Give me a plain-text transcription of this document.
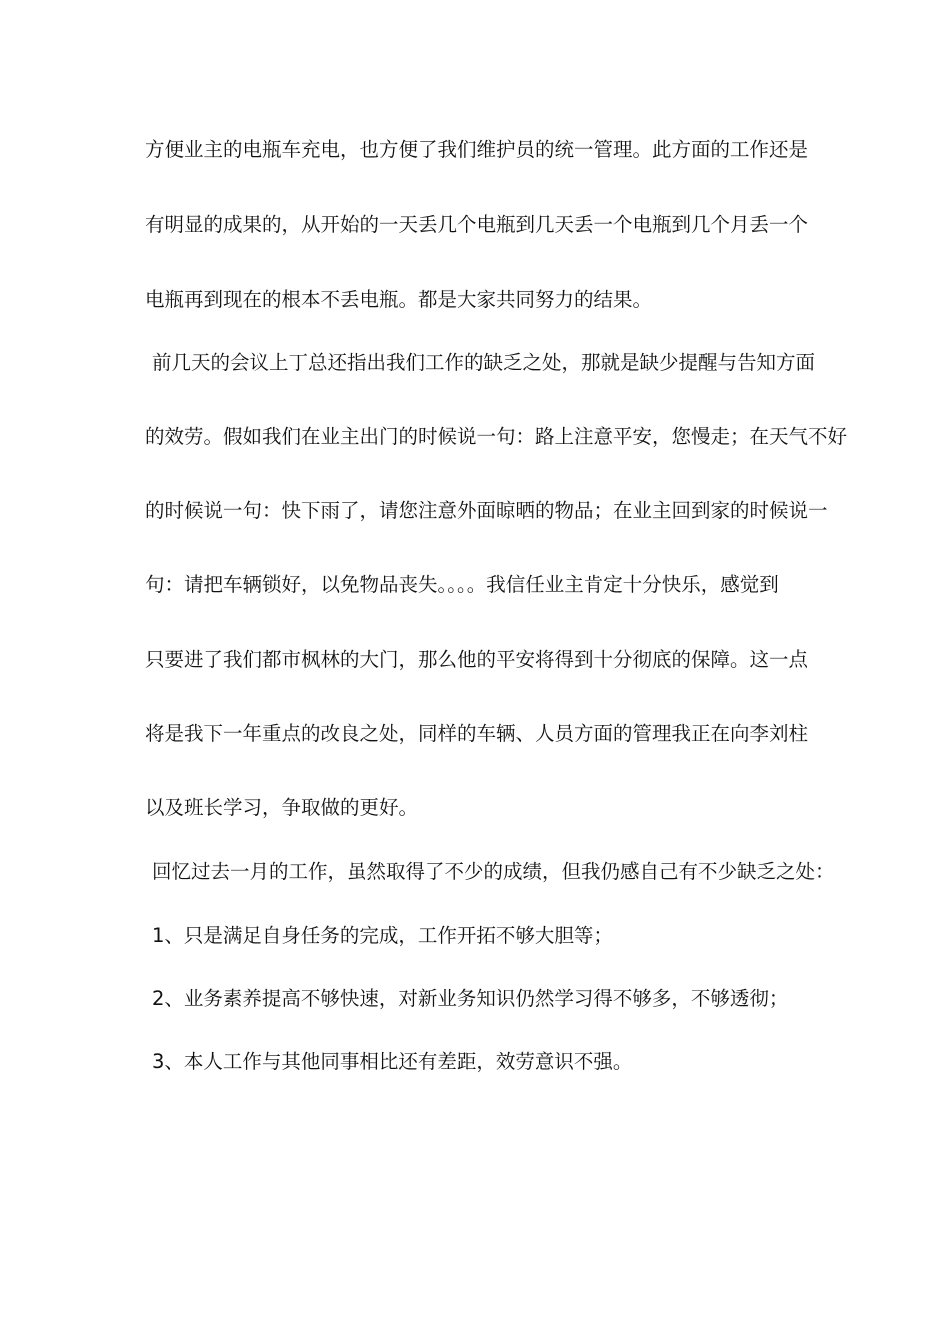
方便业主的电瓶车充电，也方便了我们维护员的统一管理。此方面的工作还是

有明显的成果的，从开始的一天丢几个电瓶到几天丢一个电瓶到几个月丢一个

电瓶再到现在的根本不丢电瓶。都是大家共同努力的结果。

前几天的会议上丁总还指出我们工作的缺乏之处，那就是缺少提醒与告知方面

的效劳。假如我们在业主出门的时候说一句：路上注意平安，您慢走；在天气不好

的时候说一句：快下雨了，请您注意外面晾晒的物品；在业主回到家的时候说一

句：请把车辆锁好，以免物品丧失。。。。我信任业主肯定十分快乐，感觉到

只要进了我们都市枫林的大门，那么他的平安将得到十分彻底的保障。这一点

将是我下一年重点的改良之处，同样的车辆、人员方面的管理我正在向李刘柱

以及班长学习，争取做的更好。

回忆过去一月的工作，虽然取得了不少的成绩，但我仍感自己有不少缺乏之处：

1、只是满足自身任务的完成，工作开拓不够大胆等；

2、业务素养提高不够快速，对新业务知识仍然学习得不够多，不够透彻；

3、本人工作与其他同事相比还有差距，效劳意识不强。
